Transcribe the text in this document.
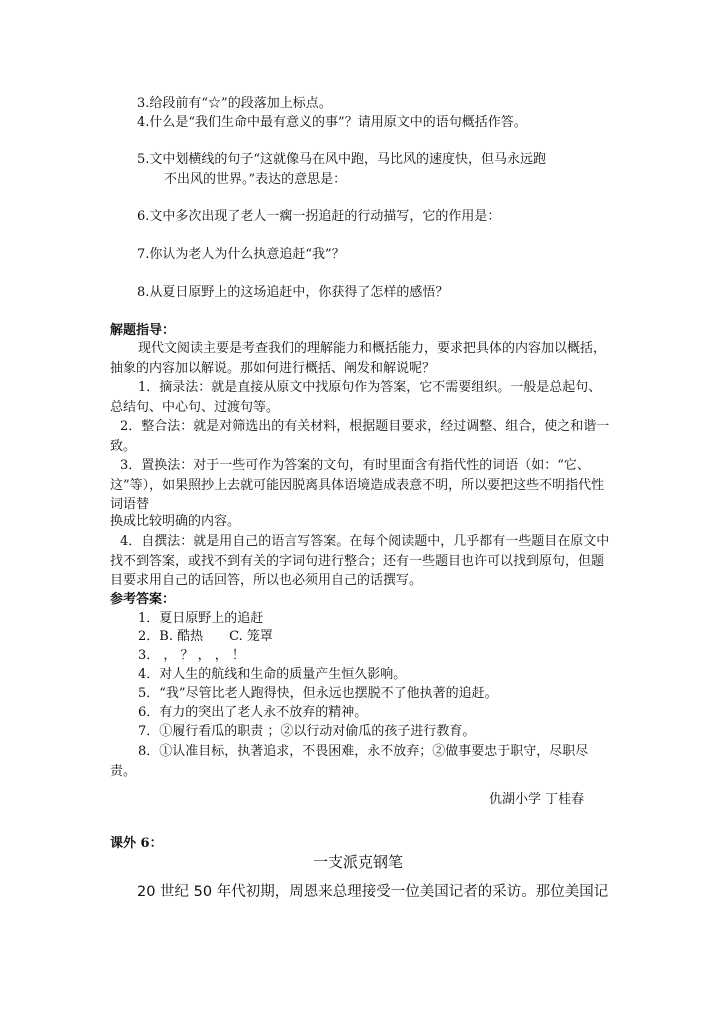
3.给段前有“☆”的段落加上标点。
4.什么是“我们生命中最有意义的事”？请用原文中的语句概括作答。
5.文中划横线的句子“这就像马在风中跑，马比风的速度快，但马永远跑
不出风的世界。”表达的意思是：
6.文中多次出现了老人一瘸一拐追赶的行动描写，它的作用是：
7.你认为老人为什么执意追赶“我”？
8.从夏日原野上的这场追赶中，你获得了怎样的感悟？
解题指导：
现代文阅读主要是考查我们的理解能力和概括能力，要求把具体的内容加以概括，抽象的内容加以解说。那如何进行概括、阐发和解说呢？
1．摘录法：就是直接从原文中找原句作为答案，它不需要组织。一般是总起句、　总结句、中心句、过渡句等。
2．整合法：就是对筛选出的有关材料，根据题目要求，经过调整、组合，使之和谐一致。
3．置换法：对于一些可作为答案的文句，有时里面含有指代性的词语（如：“它、这”等），如果照抄上去就可能因脱离具体语境造成表意不明，所以要把这些不明指代性词语替
换成比较明确的内容。
4．自撰法：就是用自己的语言写答案。在每个阅读题中，几乎都有一些题目在原文中找不到答案，或找不到有关的字词句进行整合；还有一些题目也许可以找到原句，但题目要求用自己的话回答，所以也必须用自己的话撰写。
参考答案：
1．夏日原野上的追赶
2．B. 酷热　　C. 笼罩
3． ， ？ ， ， ！
4．对人生的航线和生命的质量产生恒久影响。
5．“我”尽管比老人跑得快，但永远也摆脱不了他执著的追赶。
6．有力的突出了老人永不放弃的精神。
7．①履行看瓜的职责 ；②以行动对偷瓜的孩子进行教育。
8．①认准目标，执著追求，不畏困难，永不放弃；②做事要忠于职守，尽职尽责。
仇湖小学 丁桂春
课外 6：
一支派克钢笔
20 世纪 50 年代初期，周恩来总理接受一位美国记者的采访。那位美国记
